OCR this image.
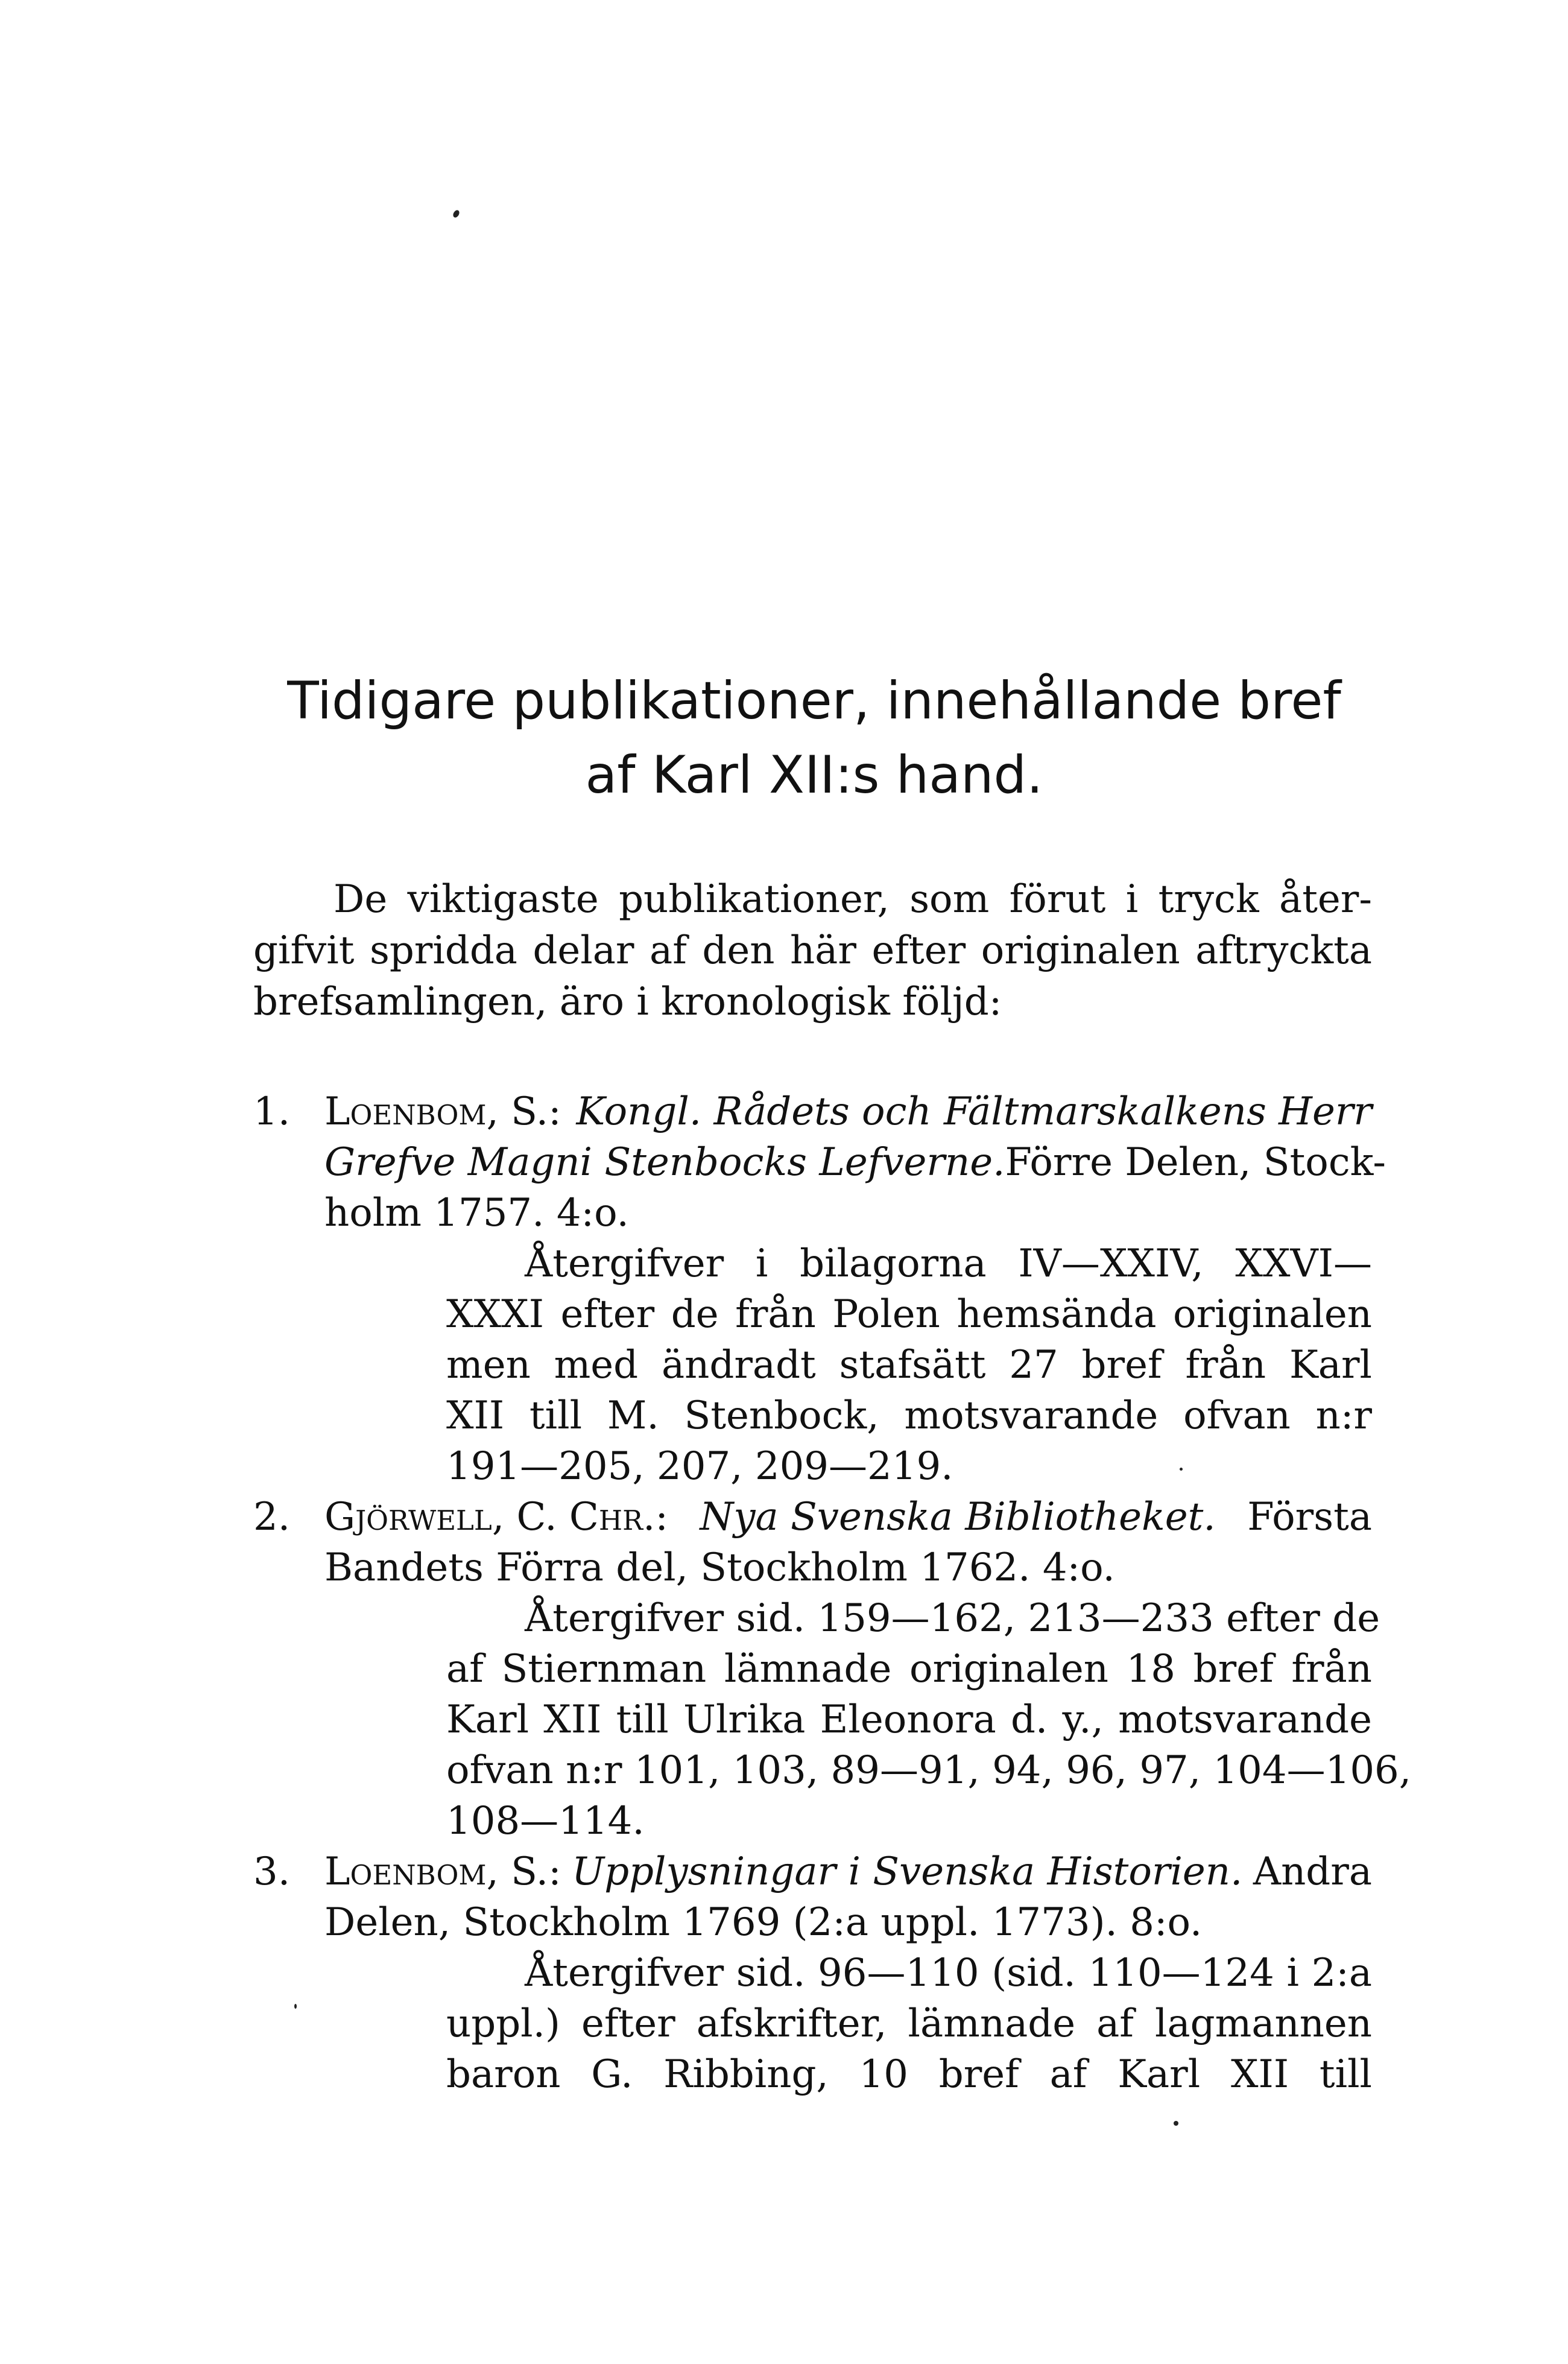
Tidigare publikationer, innehållande bref
af Karl XII:s hand.
De viktigaste publikationer, som förut i tryck åter-
gifvit spridda delar af den här efter originalen aftryckta
brefsamlingen, äro i kronologisk följd:
1. Loenbom, S.: Kongl. Rådets och Fältmarskalkens Herr
Grefve Magni Stenbocks Lefverne. Förre Delen, Stock-
holm 1757. 4:o.
Återgifver i bilagorna IV—XXIV, XXVI—
XXXI efter de från Polen hemsända originalen
men med ändradt stafsätt 27 bref från Karl
XII till M. Stenbock, motsvarande ofvan n:r
191—205, 207, 209—219.
2. Gjörwell, C. Chr.: Nya Svenska Bibliotheket. Första
Bandets Förra del, Stockholm 1762. 4:o.
Återgifver sid. 159—162, 213—233 efter de
af Stiernman lämnade originalen 18 bref från
Karl XII till Ulrika Eleonora d. y., motsvarande
ofvan n:r 101, 103, 89—91, 94, 96, 97, 104—106,
108—114.
3. Loenbom, S.: Upplysningar i Svenska Historien. Andra
Delen, Stockholm 1769 (2:a uppl. 1773). 8:o.
Återgifver sid. 96—110 (sid. 110—124 i 2:a
uppl.) efter afskrifter, lämnade af lagmannen
baron G. Ribbing, 10 bref af Karl XII till
